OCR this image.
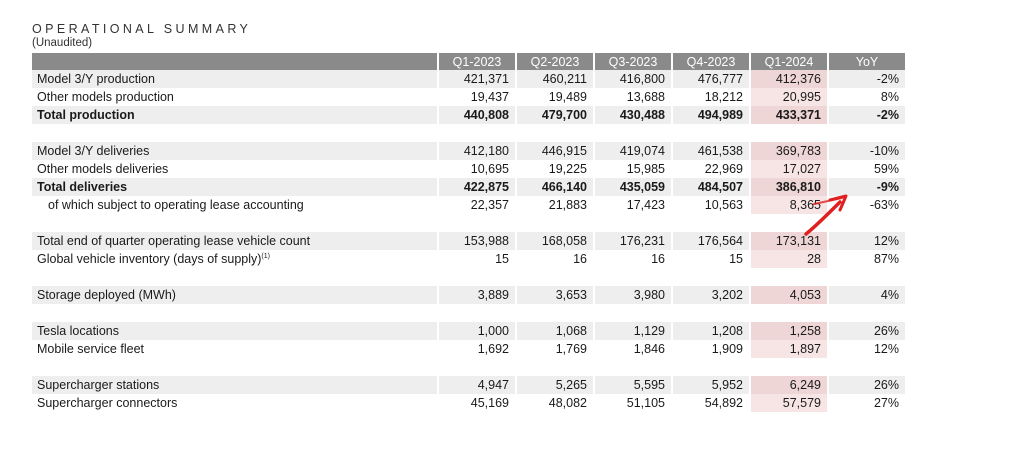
OPERATIONAL SUMMARY
(Unaudited)
	Q1-2023	Q2-2023	Q3-2023	Q4-2023	Q1-2024	YoY
Model 3/Y production	421,371	460,211	416,800	476,777	412,376	-2%
Other models production	19,437	19,489	13,688	18,212	20,995	8%
Total production	440,808	479,700	430,488	494,989	433,371	-2%

Model 3/Y deliveries	412,180	446,915	419,074	461,538	369,783	-10%
Other models deliveries	10,695	19,225	15,985	22,969	17,027	59%
Total deliveries	422,875	466,140	435,059	484,507	386,810	-9%
of which subject to operating lease accounting	22,357	21,883	17,423	10,563	8,365	-63%

Total end of quarter operating lease vehicle count	153,988	168,058	176,231	176,564	173,131	12%
Global vehicle inventory (days of supply)$^{(1)}$	15	16	16	15	28	87%

Storage deployed (MWh)	3,889	3,653	3,980	3,202	4,053	4%

Tesla locations	1,000	1,068	1,129	1,208	1,258	26%
Mobile service fleet	1,692	1,769	1,846	1,909	1,897	12%

Supercharger stations	4,947	5,265	5,595	5,952	6,249	26%
Supercharger connectors	45,169	48,082	51,105	54,892	57,579	27%
